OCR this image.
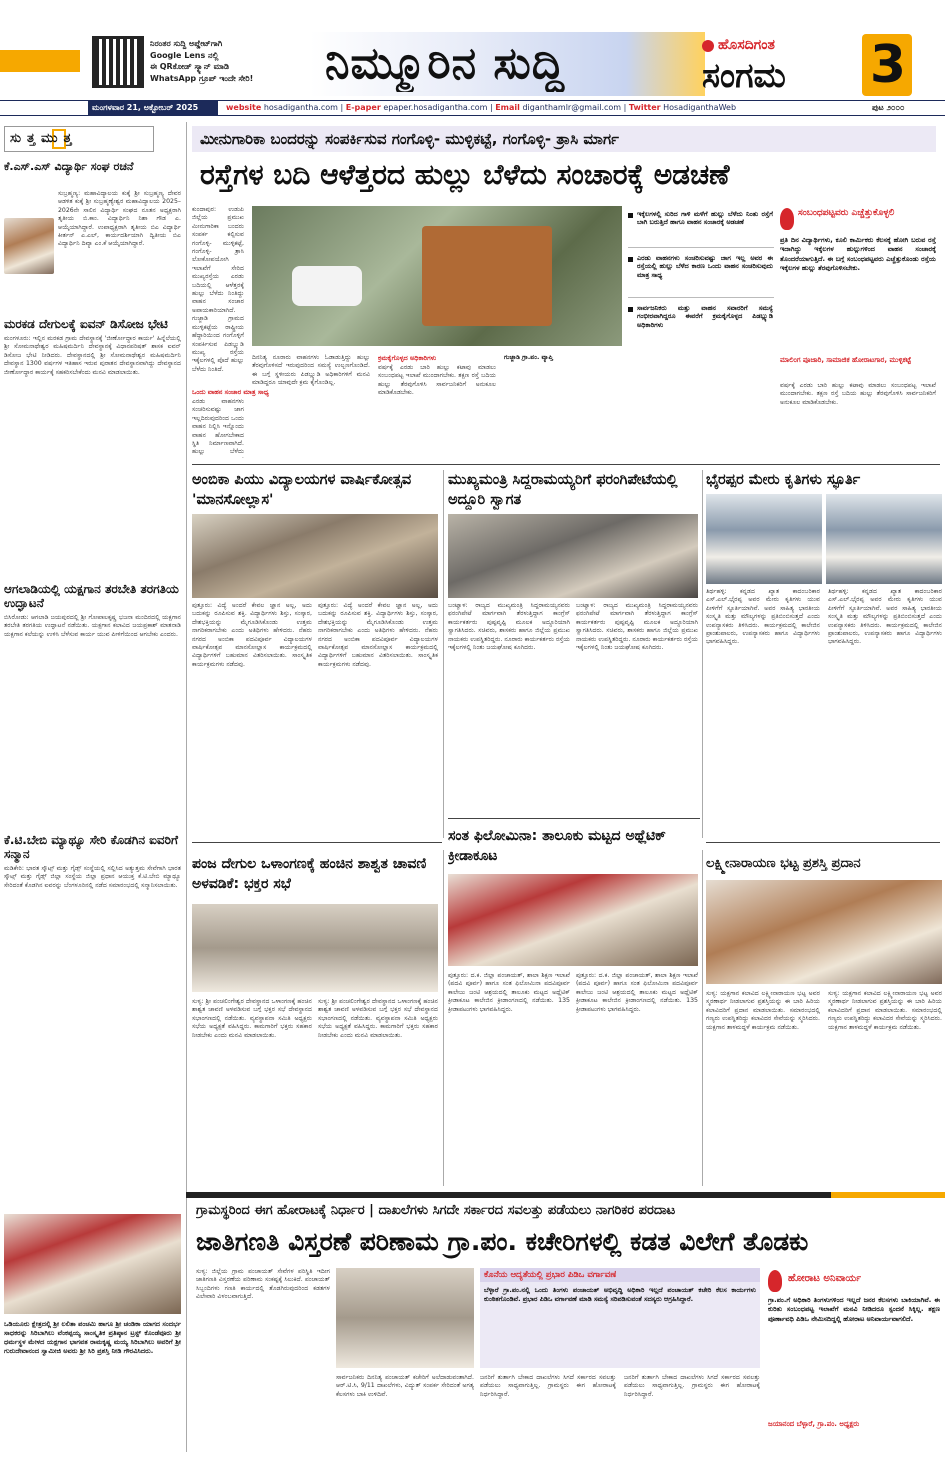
ನಿರಂತರ ಸುದ್ದಿ ಅಪ್ಡೇಟ್‌ಗಾಗಿ
Google Lens ನಲ್ಲಿ
ಈ QRಕೋಡ್ ಸ್ಕ್ಯಾನ್ ಮಾಡಿ
WhatsApp ಗ್ರೂಪ್ ಇಂದೇ ಸೇರಿ!	ನಿಮ್ಮೂರಿನ ಸುದ್ದಿ	ಹೊಸದಿಗಂತ
ಸಂಗಮ 3
ಮಂಗಳವಾರ 21, ಅಕ್ಟೋಬರ್ 2025	website hosadigantha.com | E-paper epaper.hosadigantha.com | Email diganthamlr@gmail.com | Twitter HosadiganthaWeb	ಪುಟ ೨೦೦೦
ಸುತ್ತಮುತ್ತ
ಕೆ.ಎಸ್.ಎಸ್ ವಿದ್ಯಾರ್ಥಿ ಸಂಘ ರಚನೆ
ಸುಬ್ರಹ್ಮಣ್ಯ: ಮಹಾವಿದ್ಯಾಲಯ ಕುಕ್ಕೆ ಶ್ರೀ ಸುಬ್ರಹ್ಮಣ್ಯ ದೇವರ ಆಡಳಿತ ಕುಕ್ಕೆ ಶ್ರೀ ಸುಬ್ರಹ್ಮಣ್ಯೇಶ್ವರ ಮಹಾವಿದ್ಯಾಲಯ 2025–2026ನೇ ಸಾಲಿನ ವಿದ್ಯಾರ್ಥಿ ಸಂಘದ ನೂತನ ಅಧ್ಯಕ್ಷರಾಗಿ ತೃತೀಯ ಬಿ.ಕಾಂ. ವಿದ್ಯಾರ್ಥಿನಿ ನಿಶಾ ಗೌಡ ಎ. ಆಯ್ಕೆಯಾಗಿದ್ದಾರೆ. ಉಪಾಧ್ಯಕ್ಷರಾಗಿ ತೃತೀಯ ಬಿಎ ವಿದ್ಯಾರ್ಥಿ ಕೀರ್ತನ್ ಎ.ಎಲ್, ಕಾರ್ಯದರ್ಶಿಯಾಗಿ ದ್ವಿತೀಯ ಬಿಎ ವಿದ್ಯಾರ್ಥಿನಿ ದಿವ್ಯಾ ಎಂ.ಕೆ ಆಯ್ಕೆಯಾಗಿದ್ದಾರೆ.
ಮರಕಡ ದೇಗುಲಕ್ಕೆ ಐವನ್ ಡಿಸೋಜ ಭೇಟಿ
ಮಂಗಳೂರು: ಇಲ್ಲಿನ ಮರಕಡ ಗ್ರಾಮ ದೇವಸ್ಥಾನಕ್ಕೆ 'ಜೀರ್ಣೋದ್ಧಾರ ಕಾರ್ಯ' ಹಿನ್ನೆಲೆಯಲ್ಲಿ ಶ್ರೀ ಸೋಮನಾಥೇಶ್ವರ ಮಹಿಷಮರ್ದಿನಿ ದೇವಸ್ಥಾನಕ್ಕೆ ವಿಧಾನಪರಿಷತ್ ಶಾಸಕ ಐವನ್ ಡಿಸೋಜ ಭೇಟಿ ನೀಡಿದರು. ದೇವಸ್ಥಾನದಲ್ಲಿ ಶ್ರೀ ಸೋಮನಾಥೇಶ್ವರ ಮಹಿಷಮರ್ದಿನಿ ದೇವಸ್ಥಾನ 1300 ವರ್ಷಗಳ ಇತಿಹಾಸ ಇರುವ ಪುರಾತನ ದೇವಸ್ಥಾನವಾಗಿದ್ದು ದೇವಸ್ಥಾನದ ಜೀರ್ಣೋದ್ಧಾರ ಕಾರ್ಯಕ್ಕೆ ಸಹಕರಿಸಬೇಕೆಂದು ಮನವಿ ಮಾಡಲಾಯಿತು.
ಆಗಲಾಡಿಯಲ್ಲಿ ಯಕ್ಷಗಾನ ತರಬೇತಿ ತರಗತಿಯ ಉದ್ಘಾಟನೆ
ಬಿಸಿರೋಡು: ಆಗಲಾಡಿ ಜಯಪುರದಲ್ಲಿ ಶ್ರೀ ಗೋಪಾಲಕೃಷ್ಣ ಭಜನಾ ಮಂದಿರದಲ್ಲಿ ಯಕ್ಷಗಾನ ತರಬೇತಿ ತರಗತಿಯ ಉದ್ಘಾಟನೆ ನಡೆಯಿತು. ಯಕ್ಷಗಾನ ಕಲಾವಿದ ಜಯಪ್ರಕಾಶ್ ಮಾತನಾಡಿ ಯಕ್ಷಗಾನ ಕಲೆಯನ್ನು ಉಳಿಸಿ ಬೆಳೆಸುವ ಕಾರ್ಯ ಯುವ ಪೀಳಿಗೆಯಿಂದ ಆಗಬೇಕು ಎಂದರು.
ಕೆ.ಟಿ.ಬೇಬಿ ಮ್ಯಾಥ್ಯೂ ಸೇರಿ ಕೊಡಗಿನ ಐವರಿಗೆ ಸನ್ಮಾನ
ಮಡಿಕೇರಿ: ಭಾರತ ಸ್ಕೌಟ್ಸ್ ಮತ್ತು ಗೈಡ್ಸ್ ಸಂಸ್ಥೆಯಲ್ಲಿ ಸಲ್ಲಿಸಿದ ಅತ್ಯುತ್ತಮ ಸೇವೆಗಾಗಿ ಭಾರತ ಸ್ಕೌಟ್ಸ್ ಮತ್ತು ಗೈಡ್ಸ್ ಜಿಲ್ಲಾ ಸಂಸ್ಥೆಯ ಜಿಲ್ಲಾ ಪ್ರಧಾನ ಆಯುಕ್ತ ಕೆ.ಟಿ.ಬೇಬಿ ಮ್ಯಾಥ್ಯೂ ಸೇರಿದಂತೆ ಕೊಡಗಿನ ಐವರನ್ನು ಬೆಂಗಳೂರಿನಲ್ಲಿ ನಡೆದ ಸಮಾರಂಭದಲ್ಲಿ ಸನ್ಮಾನಿಸಲಾಯಿತು.
ಒಡಿಯೂರು ಕ್ಷೇತ್ರದಲ್ಲಿ ಶ್ರೀ ಲಲಿತಾ ಪಂಚಮಿ ಹಾಗೂ ಶ್ರೀ ಚಂಡಿಕಾ ಯಾಗದ ಸಂದರ್ಭ ಸಾಧಕರನ್ನು ಸಿರಿಬಾಗಿಲು ವೆಂಕಪ್ಪಯ್ಯ ಸಾಂಸ್ಕೃತಿಕ ಪ್ರತಿಷ್ಠಾನ ಟ್ರಸ್ಟ್ ಕೊಂಡೆವೂರು ಶ್ರೀ ಧರ್ಮಸ್ಥಳ ಮೇಳದ ಯಕ್ಷಗಾನ ಭಾಗವತ ರಾಮಕೃಷ್ಣ ಮಯ್ಯ ಸಿರಿಬಾಗಿಲು ಅವರಿಗೆ ಶ್ರೀ ಗುರುದೇವಾನಂದ ಸ್ವಾಮೀಜಿ ಅವರು ಶ್ರೀ ಸಿರಿ ಪ್ರಶಸ್ತಿ ನೀಡಿ ಗೌರವಿಸಿದರು.
ಮೀನುಗಾರಿಕಾ ಬಂದರನ್ನು ಸಂಪರ್ಕಿಸುವ ಗಂಗೊಳ್ಳಿ- ಮುಳ್ಳಿಕಟ್ಟೆ, ಗಂಗೊಳ್ಳಿ- ತ್ರಾಸಿ ಮಾರ್ಗ
ರಸ್ತೆಗಳ ಬದಿ ಆಳೆತ್ತರದ ಹುಲ್ಲು ಬೆಳೆದು ಸಂಚಾರಕ್ಕೆ ಅಡಚಣೆ
ಕುಂದಾಪುರ: ಉಡುಪಿ ಜಿಲ್ಲೆಯ ಪ್ರಮುಖ ಮೀನುಗಾರಿಕಾ ಬಂದರು ಸಂಪರ್ಕ ಕಲ್ಪಿಸುವ ಗಂಗೊಳ್ಳಿ- ಮುಳ್ಳಿಕಟ್ಟೆ, ಗಂಗೊಳ್ಳಿ- ತ್ರಾಸಿ ಲೋಕೋಪಯೋಗಿ ಇಲಾಖೆಗೆ ಸೇರಿದ ಮುಖ್ಯರಸ್ತೆಯ ಎರಡು ಬದಿಯಲ್ಲಿ ಆಳೆತ್ತರಕ್ಕೆ ಹುಲ್ಲು ಬೆಳೆದು ನಿಂತಿದ್ದು ವಾಹನ ಸಂಚಾರ ಅಪಾಯಕಾರಿಯಾಗಿದೆ. ಗುಜ್ಜಾಡಿ ಗ್ರಾಮದ ಮುಳ್ಳಿಕಟ್ಟೆಯ ರಾಷ್ಟ್ರೀಯ ಹೆದ್ದಾರಿಯಿಂದ ಗಂಗೊಳ್ಳಿಗೆ ಸಂಪರ್ಕಿಸುವ ಪಿಡಬ್ಲ್ಯುಡಿ ಮುಖ್ಯ ರಸ್ತೆಯ ಇಕ್ಕೆಲಗಳಲ್ಲಿ ಪೊದೆ ಹುಲ್ಲು ಬೆಳೆದು ನಿಂತಿದೆ.
ಒಂದು ವಾಹನ ಸಂಚಾರ ಮಾತ್ರ ಸಾಧ್ಯ
ಎರಡು ವಾಹನಗಳು ಸಂಚರಿಸುವಷ್ಟು ಜಾಗ ಇಲ್ಲದಿರುವುದರಿಂದ ಒಂದು ವಾಹನ ನಿಲ್ಲಿಸಿ ಇನ್ನೊಂದು ವಾಹನ ಹೋಗಬೇಕಾದ ಸ್ಥಿತಿ ನಿರ್ಮಾಣವಾಗಿದೆ. ಹುಲ್ಲು ಬೆಳೆದು
ದಿನನಿತ್ಯ ನೂರಾರು ವಾಹನಗಳು ಓಡಾಡುತ್ತಿದ್ದು ಹುಲ್ಲು ತೆರವುಗೊಳಿಸದೆ ಇರುವುದರಿಂದ ಸಮಸ್ಯೆ ಉಲ್ಬಣಗೊಂಡಿದೆ. ಈ ಬಗ್ಗೆ ಸ್ಥಳೀಯರು ಪಿಡಬ್ಲ್ಯುಡಿ ಅಧಿಕಾರಿಗಳಿಗೆ ಮನವಿ ಮಾಡಿದ್ದರೂ ಯಾವುದೇ ಕ್ರಮ ಕೈಗೊಂಡಿಲ್ಲ.
ಕ್ರಮಕೈಗೊಳ್ಳದ ಅಧಿಕಾರಿಗಳು
ವರ್ಷಕ್ಕೆ ಎರಡು ಬಾರಿ ಹುಲ್ಲು ಕಟಾವು ಮಾಡಲು ಸಂಬಂಧಪಟ್ಟ ಇಲಾಖೆ ಮುಂದಾಗಬೇಕು. ತಕ್ಷಣ ರಸ್ತೆ ಬದಿಯ ಹುಲ್ಲು ತೆರವುಗೊಳಿಸಿ ಸಾರ್ವಜನಿಕರಿಗೆ ಅನುಕೂಲ ಮಾಡಿಕೊಡಬೇಕು.
ಗುಜ್ಜಾಡಿ ಗ್ರಾ.ಪಂ. ವ್ಯಾಪ್ತಿ
ಇಕ್ಕೆಲಗಳಲ್ಲಿ ಸುರಿದ ಗಾಳಿ ಮಳೆಗೆ ಹುಲ್ಲು ಬೆಳೆದು ನಿಂತು ರಸ್ತೆಗೆ ಬಾಗಿ ಬರುತ್ತಿದೆ ಹಾಗೂ ವಾಹನ ಸಂಚಾರಕ್ಕೆ ಅಡಚಣೆ
ಎರಡು ವಾಹನಗಳು ಸಂಚರಿಸುವಷ್ಟು ಜಾಗ ಇಲ್ಲ ಅವರ ಈ ರಸ್ತೆಯಲ್ಲಿ ಹುಲ್ಲು ಬೆಳೆದ ಕಾರಣ ಒಂದು ವಾಹನ ಸಂಚರಿಸುವುದು ಮಾತ್ರ ಸಾಧ್ಯ
ಸಾರ್ವಜನಿಕರು ಮತ್ತು ವಾಹನ ಸವಾರರಿಗೆ ಸಮಸ್ಯೆ ಗಂಭೀರವಾಗಿದ್ದರೂ ಈವರೆಗೆ ಕ್ರಮಕೈಗೊಳ್ಳದ ಪಿಡಬ್ಲ್ಯುಡಿ ಅಧಿಕಾರಿಗಳು
ಸಂಬಂಧಪಟ್ಟವರು ಎಚ್ಚೆತ್ತುಕೊಳ್ಳಲಿ
ಪ್ರತಿ ದಿನ ವಿದ್ಯಾರ್ಥಿಗಳು, ಕೂಲಿ ಕಾರ್ಮಿಕರು ಕೆಲಸಕ್ಕೆ ಹೋಗಿ ಬರುವ ರಸ್ತೆ ಇದಾಗಿದ್ದು ಇಕ್ಕೆಲಗಳ ಹುಲ್ಲುಗಳಿಂದ ವಾಹನ ಸಂಚಾರಕ್ಕೆ ತೊಂದರೆಯಾಗುತ್ತಿದೆ. ಈ ಬಗ್ಗೆ ಸಂಬಂಧಪಟ್ಟವರು ಎಚ್ಚೆತ್ತುಕೊಂಡು ರಸ್ತೆಯ ಇಕ್ಕೆಲಗಳ ಹುಲ್ಲು ತೆರವುಗೊಳಿಸಬೇಕು.
ಮಾಲಿಂಗ ಪೂಜಾರಿ, ಸಾಮಾಜಿಕ ಹೋರಾಟಗಾರ, ಮುಳ್ಳಿಕಟ್ಟೆ
ವರ್ಷಕ್ಕೆ ಎರಡು ಬಾರಿ ಹುಲ್ಲು ಕಟಾವು ಮಾಡಲು ಸಂಬಂಧಪಟ್ಟ ಇಲಾಖೆ ಮುಂದಾಗಬೇಕು. ತಕ್ಷಣ ರಸ್ತೆ ಬದಿಯ ಹುಲ್ಲು ತೆರವುಗೊಳಿಸಿ ಸಾರ್ವಜನಿಕರಿಗೆ ಅನುಕೂಲ ಮಾಡಿಕೊಡಬೇಕು.
ಅಂಬಿಕಾ ಪಿಯು ವಿದ್ಯಾಲಯಗಳ ವಾರ್ಷಿಕೋತ್ಸವ 'ಮಾನಸೋಲ್ಲಾಸ'
ಪುತ್ತೂರು: ವಿದ್ಯೆ ಅಂದರೆ ಕೇವಲ ಜ್ಞಾನ ಅಲ್ಲ, ಅದು ಬದುಕನ್ನು ರೂಪಿಸುವ ಶಕ್ತಿ. ವಿದ್ಯಾರ್ಥಿಗಳು ಶಿಸ್ತು, ಸಂಸ್ಕಾರ, ದೇಶಭಕ್ತಿಯನ್ನು ಮೈಗೂಡಿಸಿಕೊಂಡು ಉತ್ತಮ ನಾಗರಿಕರಾಗಬೇಕು ಎಂದು ಅತಿಥಿಗಳು ಹೇಳಿದರು. ನೆಹರು ನಗರದ ಅಂಬಿಕಾ ಪದವಿಪೂರ್ವ ವಿದ್ಯಾಲಯಗಳ ವಾರ್ಷಿಕೋತ್ಸವ ಮಾನಸೋಲ್ಲಾಸ ಕಾರ್ಯಕ್ರಮದಲ್ಲಿ ವಿದ್ಯಾರ್ಥಿಗಳಿಗೆ ಬಹುಮಾನ ವಿತರಿಸಲಾಯಿತು. ಸಾಂಸ್ಕೃತಿಕ ಕಾರ್ಯಕ್ರಮಗಳು ನಡೆದವು.
ಪುತ್ತೂರು: ವಿದ್ಯೆ ಅಂದರೆ ಕೇವಲ ಜ್ಞಾನ ಅಲ್ಲ, ಅದು ಬದುಕನ್ನು ರೂಪಿಸುವ ಶಕ್ತಿ. ವಿದ್ಯಾರ್ಥಿಗಳು ಶಿಸ್ತು, ಸಂಸ್ಕಾರ, ದೇಶಭಕ್ತಿಯನ್ನು ಮೈಗೂಡಿಸಿಕೊಂಡು ಉತ್ತಮ ನಾಗರಿಕರಾಗಬೇಕು ಎಂದು ಅತಿಥಿಗಳು ಹೇಳಿದರು. ನೆಹರು ನಗರದ ಅಂಬಿಕಾ ಪದವಿಪೂರ್ವ ವಿದ್ಯಾಲಯಗಳ ವಾರ್ಷಿಕೋತ್ಸವ ಮಾನಸೋಲ್ಲಾಸ ಕಾರ್ಯಕ್ರಮದಲ್ಲಿ ವಿದ್ಯಾರ್ಥಿಗಳಿಗೆ ಬಹುಮಾನ ವಿತರಿಸಲಾಯಿತು. ಸಾಂಸ್ಕೃತಿಕ ಕಾರ್ಯಕ್ರಮಗಳು ನಡೆದವು.
ಮುಖ್ಯಮಂತ್ರಿ ಸಿದ್ದರಾಮಯ್ಯರಿಗೆ ಫರಂಗಿಪೇಟೆಯಲ್ಲಿ ಅದ್ದೂರಿ ಸ್ವಾಗತ
ಬಂಟ್ವಾಳ: ರಾಜ್ಯದ ಮುಖ್ಯಮಂತ್ರಿ ಸಿದ್ದರಾಮಯ್ಯನವರು ಫರಂಗಿಪೇಟೆ ಮಾರ್ಗವಾಗಿ ತೆರಳುತ್ತಿದ್ದಾಗ ಕಾಂಗ್ರೆಸ್ ಕಾರ್ಯಕರ್ತರು ಪುಷ್ಪವೃಷ್ಟಿ ಮೂಲಕ ಅದ್ದೂರಿಯಾಗಿ ಸ್ವಾಗತಿಸಿದರು. ಸಚಿವರು, ಶಾಸಕರು ಹಾಗೂ ಜಿಲ್ಲೆಯ ಪ್ರಮುಖ ನಾಯಕರು ಉಪಸ್ಥಿತರಿದ್ದರು. ನೂರಾರು ಕಾರ್ಯಕರ್ತರು ರಸ್ತೆಯ ಇಕ್ಕೆಲಗಳಲ್ಲಿ ನಿಂತು ಜಯಘೋಷ ಕೂಗಿದರು.
ಬಂಟ್ವಾಳ: ರಾಜ್ಯದ ಮುಖ್ಯಮಂತ್ರಿ ಸಿದ್ದರಾಮಯ್ಯನವರು ಫರಂಗಿಪೇಟೆ ಮಾರ್ಗವಾಗಿ ತೆರಳುತ್ತಿದ್ದಾಗ ಕಾಂಗ್ರೆಸ್ ಕಾರ್ಯಕರ್ತರು ಪುಷ್ಪವೃಷ್ಟಿ ಮೂಲಕ ಅದ್ದೂರಿಯಾಗಿ ಸ್ವಾಗತಿಸಿದರು. ಸಚಿವರು, ಶಾಸಕರು ಹಾಗೂ ಜಿಲ್ಲೆಯ ಪ್ರಮುಖ ನಾಯಕರು ಉಪಸ್ಥಿತರಿದ್ದರು. ನೂರಾರು ಕಾರ್ಯಕರ್ತರು ರಸ್ತೆಯ ಇಕ್ಕೆಲಗಳಲ್ಲಿ ನಿಂತು ಜಯಘೋಷ ಕೂಗಿದರು.
ಭೈರಪ್ಪರ ಮೇರು ಕೃತಿಗಳು ಸ್ಫೂರ್ತಿ
ತಿರ್ಥಹಳ್ಳಿ: ಕನ್ನಡದ ಖ್ಯಾತ ಕಾದಂಬರಿಕಾರ ಎಸ್.ಎಲ್.ಭೈರಪ್ಪ ಅವರ ಮೇರು ಕೃತಿಗಳು ಯುವ ಪೀಳಿಗೆಗೆ ಸ್ಫೂರ್ತಿಯಾಗಿವೆ. ಅವರ ಸಾಹಿತ್ಯ ಭಾರತೀಯ ಸಂಸ್ಕೃತಿ ಮತ್ತು ಮೌಲ್ಯಗಳನ್ನು ಪ್ರತಿಬಿಂಬಿಸುತ್ತದೆ ಎಂದು ಉಪನ್ಯಾಸಕರು ತಿಳಿಸಿದರು. ಕಾರ್ಯಕ್ರಮದಲ್ಲಿ ಕಾಲೇಜಿನ ಪ್ರಾಂಶುಪಾಲರು, ಉಪನ್ಯಾಸಕರು ಹಾಗೂ ವಿದ್ಯಾರ್ಥಿಗಳು ಭಾಗವಹಿಸಿದ್ದರು.
ತಿರ್ಥಹಳ್ಳಿ: ಕನ್ನಡದ ಖ್ಯಾತ ಕಾದಂಬರಿಕಾರ ಎಸ್.ಎಲ್.ಭೈರಪ್ಪ ಅವರ ಮೇರು ಕೃತಿಗಳು ಯುವ ಪೀಳಿಗೆಗೆ ಸ್ಫೂರ್ತಿಯಾಗಿವೆ. ಅವರ ಸಾಹಿತ್ಯ ಭಾರತೀಯ ಸಂಸ್ಕೃತಿ ಮತ್ತು ಮೌಲ್ಯಗಳನ್ನು ಪ್ರತಿಬಿಂಬಿಸುತ್ತದೆ ಎಂದು ಉಪನ್ಯಾಸಕರು ತಿಳಿಸಿದರು. ಕಾರ್ಯಕ್ರಮದಲ್ಲಿ ಕಾಲೇಜಿನ ಪ್ರಾಂಶುಪಾಲರು, ಉಪನ್ಯಾಸಕರು ಹಾಗೂ ವಿದ್ಯಾರ್ಥಿಗಳು ಭಾಗವಹಿಸಿದ್ದರು.
ಪಂಜ ದೇಗುಲ ಒಳಾಂಗಣಕ್ಕೆ ಹಂಚಿನ ಶಾಶ್ವತ ಚಾವಣಿ ಅಳವಡಿಕೆ: ಭಕ್ತರ ಸಭೆ
ಸುಳ್ಯ: ಶ್ರೀ ಪಂಚಲಿಂಗೇಶ್ವರ ದೇವಸ್ಥಾನದ ಒಳಾಂಗಣಕ್ಕೆ ಹಂಚಿನ ಶಾಶ್ವತ ಚಾವಣಿ ಅಳವಡಿಸುವ ಬಗ್ಗೆ ಭಕ್ತರ ಸಭೆ ದೇವಸ್ಥಾನದ ಸಭಾಂಗಣದಲ್ಲಿ ನಡೆಯಿತು. ವ್ಯವಸ್ಥಾಪನಾ ಸಮಿತಿ ಅಧ್ಯಕ್ಷರು ಸಭೆಯ ಅಧ್ಯಕ್ಷತೆ ವಹಿಸಿದ್ದರು. ಕಾಮಗಾರಿಗೆ ಭಕ್ತರು ಸಹಕಾರ ನೀಡಬೇಕು ಎಂದು ಮನವಿ ಮಾಡಲಾಯಿತು.
ಸುಳ್ಯ: ಶ್ರೀ ಪಂಚಲಿಂಗೇಶ್ವರ ದೇವಸ್ಥಾನದ ಒಳಾಂಗಣಕ್ಕೆ ಹಂಚಿನ ಶಾಶ್ವತ ಚಾವಣಿ ಅಳವಡಿಸುವ ಬಗ್ಗೆ ಭಕ್ತರ ಸಭೆ ದೇವಸ್ಥಾನದ ಸಭಾಂಗಣದಲ್ಲಿ ನಡೆಯಿತು. ವ್ಯವಸ್ಥಾಪನಾ ಸಮಿತಿ ಅಧ್ಯಕ್ಷರು ಸಭೆಯ ಅಧ್ಯಕ್ಷತೆ ವಹಿಸಿದ್ದರು. ಕಾಮಗಾರಿಗೆ ಭಕ್ತರು ಸಹಕಾರ ನೀಡಬೇಕು ಎಂದು ಮನವಿ ಮಾಡಲಾಯಿತು.
ಸಂತ ಫಿಲೋಮಿನಾ: ತಾಲೂಕು ಮಟ್ಟದ ಅಥ್ಲೆಟಿಕ್ ಕ್ರೀಡಾಕೂಟ
ಪುತ್ತೂರು: ದ.ಕ. ಜಿಲ್ಲಾ ಪಂಚಾಯತ್, ಶಾಲಾ ಶಿಕ್ಷಣ ಇಲಾಖೆ (ಪದವಿ ಪೂರ್ವ) ಹಾಗೂ ಸಂತ ಫಿಲೋಮಿನಾ ಪದವಿಪೂರ್ವ ಕಾಲೇಜು ಜಂಟಿ ಆಶ್ರಯದಲ್ಲಿ ತಾಲೂಕು ಮಟ್ಟದ ಅಥ್ಲೆಟಿಕ್ ಕ್ರೀಡಾಕೂಟ ಕಾಲೇಜಿನ ಕ್ರೀಡಾಂಗಣದಲ್ಲಿ ನಡೆಯಿತು. 135 ಕ್ರೀಡಾಪಟುಗಳು ಭಾಗವಹಿಸಿದ್ದರು.
ಪುತ್ತೂರು: ದ.ಕ. ಜಿಲ್ಲಾ ಪಂಚಾಯತ್, ಶಾಲಾ ಶಿಕ್ಷಣ ಇಲಾಖೆ (ಪದವಿ ಪೂರ್ವ) ಹಾಗೂ ಸಂತ ಫಿಲೋಮಿನಾ ಪದವಿಪೂರ್ವ ಕಾಲೇಜು ಜಂಟಿ ಆಶ್ರಯದಲ್ಲಿ ತಾಲೂಕು ಮಟ್ಟದ ಅಥ್ಲೆಟಿಕ್ ಕ್ರೀಡಾಕೂಟ ಕಾಲೇಜಿನ ಕ್ರೀಡಾಂಗಣದಲ್ಲಿ ನಡೆಯಿತು. 135 ಕ್ರೀಡಾಪಟುಗಳು ಭಾಗವಹಿಸಿದ್ದರು.
ಲಕ್ಷ್ಮೀನಾರಾಯಣ ಭಟ್ಟ ಪ್ರಶಸ್ತಿ ಪ್ರದಾನ
ಸುಳ್ಯ: ಯಕ್ಷಗಾನ ಕಲಾವಿದ ಲಕ್ಷ್ಮೀನಾರಾಯಣ ಭಟ್ಟ ಅವರ ಸ್ಮರಣಾರ್ಥ ನೀಡಲಾಗುವ ಪ್ರಶಸ್ತಿಯನ್ನು ಈ ಬಾರಿ ಹಿರಿಯ ಕಲಾವಿದರಿಗೆ ಪ್ರದಾನ ಮಾಡಲಾಯಿತು. ಸಮಾರಂಭದಲ್ಲಿ ಗಣ್ಯರು ಉಪಸ್ಥಿತರಿದ್ದು ಕಲಾವಿದರ ಸೇವೆಯನ್ನು ಸ್ಮರಿಸಿದರು. ಯಕ್ಷಗಾನ ತಾಳಮದ್ದಳೆ ಕಾರ್ಯಕ್ರಮ ನಡೆಯಿತು.
ಸುಳ್ಯ: ಯಕ್ಷಗಾನ ಕಲಾವಿದ ಲಕ್ಷ್ಮೀನಾರಾಯಣ ಭಟ್ಟ ಅವರ ಸ್ಮರಣಾರ್ಥ ನೀಡಲಾಗುವ ಪ್ರಶಸ್ತಿಯನ್ನು ಈ ಬಾರಿ ಹಿರಿಯ ಕಲಾವಿದರಿಗೆ ಪ್ರದಾನ ಮಾಡಲಾಯಿತು. ಸಮಾರಂಭದಲ್ಲಿ ಗಣ್ಯರು ಉಪಸ್ಥಿತರಿದ್ದು ಕಲಾವಿದರ ಸೇವೆಯನ್ನು ಸ್ಮರಿಸಿದರು. ಯಕ್ಷಗಾನ ತಾಳಮದ್ದಳೆ ಕಾರ್ಯಕ್ರಮ ನಡೆಯಿತು.
ಗ್ರಾಮಸ್ಥರಿಂದ ಈಗ ಹೋರಾಟಕ್ಕೆ ನಿರ್ಧಾರ | ದಾಖಲೆಗಳು ಸಿಗದೇ ಸರ್ಕಾರದ ಸವಲತ್ತು ಪಡೆಯಲು ನಾಗರಿಕರ ಪರದಾಟ
ಜಾತಿಗಣತಿ ವಿಸ್ತರಣೆ ಪರಿಣಾಮ ಗ್ರಾ.ಪಂ. ಕಚೇರಿಗಳಲ್ಲಿ ಕಡತ ವಿಲೇಗೆ ತೊಡಕು
ಸುಳ್ಯ: ಜಿಲ್ಲೆಯ ಗ್ರಾಮ ಪಂಚಾಯತ್ ಸೇವೆಗಳ ಪರಿಸ್ಥಿತಿ ಇದೀಗ ಜಾತಿಗಣತಿ ವಿಸ್ತರಣೆಯ ಪರಿಣಾಮ ಸಂಕಷ್ಟಕ್ಕೆ ಸಿಲುಕಿದೆ. ಪಂಚಾಯತ್ ಸಿಬ್ಬಂದಿಗಳು ಗಣತಿ ಕಾರ್ಯದಲ್ಲಿ ತೊಡಗಿರುವುದರಿಂದ ಕಡತಗಳ ವಿಲೇವಾರಿ ವಿಳಂಬವಾಗುತ್ತಿದೆ.
ಸಾರ್ವಜನಿಕರು ದಿನನಿತ್ಯ ಪಂಚಾಯತ್ ಕಚೇರಿಗೆ ಅಲೆದಾಡುವಂತಾಗಿದೆ. ಆರ್.ಟಿ.ಸಿ, 9/11 ದಾಖಲೆಗಳು, ವಿದ್ಯುತ್ ಸಂಪರ್ಕ ಸೇರಿದಂತೆ ಅಗತ್ಯ ಕೆಲಸಗಳು ಬಾಕಿ ಉಳಿದಿವೆ.
ಕೊನೆಯ ಆದ್ಯತೆಯಲ್ಲಿ ಪ್ರಭಾರ ಪಿಡಿಒ ವರ್ಗಾವಣೆ
ಬೆಳ್ಳಾರೆ ಗ್ರಾ.ಪಂ.ನಲ್ಲಿ ಒಂದು ತಿಂಗಳು ಪಂಚಾಯತ್ ಅಭಿವೃದ್ಧಿ ಅಧಿಕಾರಿ ಇಲ್ಲದೆ ಪಂಚಾಯತ್ ಕಚೇರಿ ಕೆಲಸ ಕಾರ್ಯಗಳು ಕುಂಠಿತಗೊಂಡಿವೆ. ಪ್ರಭಾರ ಪಿಡಿಒ ವರ್ಗಾವಣೆ ಮಾಡಿ ಸಮಸ್ಯೆ ಸರಿಪಡಿಸುವಂತೆ ಸದಸ್ಯರು ಆಗ್ರಹಿಸಿದ್ದಾರೆ.
ಜನರಿಗೆ ತುರ್ತಾಗಿ ಬೇಕಾದ ದಾಖಲೆಗಳು ಸಿಗದೆ ಸರ್ಕಾರದ ಸವಲತ್ತು ಪಡೆಯಲು ಸಾಧ್ಯವಾಗುತ್ತಿಲ್ಲ. ಗ್ರಾಮಸ್ಥರು ಈಗ ಹೋರಾಟಕ್ಕೆ ನಿರ್ಧರಿಸಿದ್ದಾರೆ.
ಜನರಿಗೆ ತುರ್ತಾಗಿ ಬೇಕಾದ ದಾಖಲೆಗಳು ಸಿಗದೆ ಸರ್ಕಾರದ ಸವಲತ್ತು ಪಡೆಯಲು ಸಾಧ್ಯವಾಗುತ್ತಿಲ್ಲ. ಗ್ರಾಮಸ್ಥರು ಈಗ ಹೋರಾಟಕ್ಕೆ ನಿರ್ಧರಿಸಿದ್ದಾರೆ.
ಹೋರಾಟ ಅನಿವಾರ್ಯ
ಗ್ರಾ.ಪಂ.ಗೆ ಅಧಿಕಾರಿ ತಿಂಗಳುಗಳಿಂದ ಇಲ್ಲದೆ ಜನರ ಕೆಲಸಗಳು ಬಾಕಿಯಾಗಿವೆ. ಈ ಕುರಿತು ಸಂಬಂಧಪಟ್ಟ ಇಲಾಖೆಗೆ ಮನವಿ ನೀಡಿದರೂ ಸ್ಪಂದನೆ ಸಿಕ್ಕಿಲ್ಲ. ತಕ್ಷಣ ಪೂರ್ಣಾವಧಿ ಪಿಡಿಒ ನೇಮಿಸದಿದ್ದಲ್ಲಿ ಹೋರಾಟ ಅನಿವಾರ್ಯವಾಗಲಿದೆ.
ಜಯಾನಂದ ಬೆಳ್ಳಾರೆ, ಗ್ರಾ.ಪಂ. ಅಧ್ಯಕ್ಷರು
